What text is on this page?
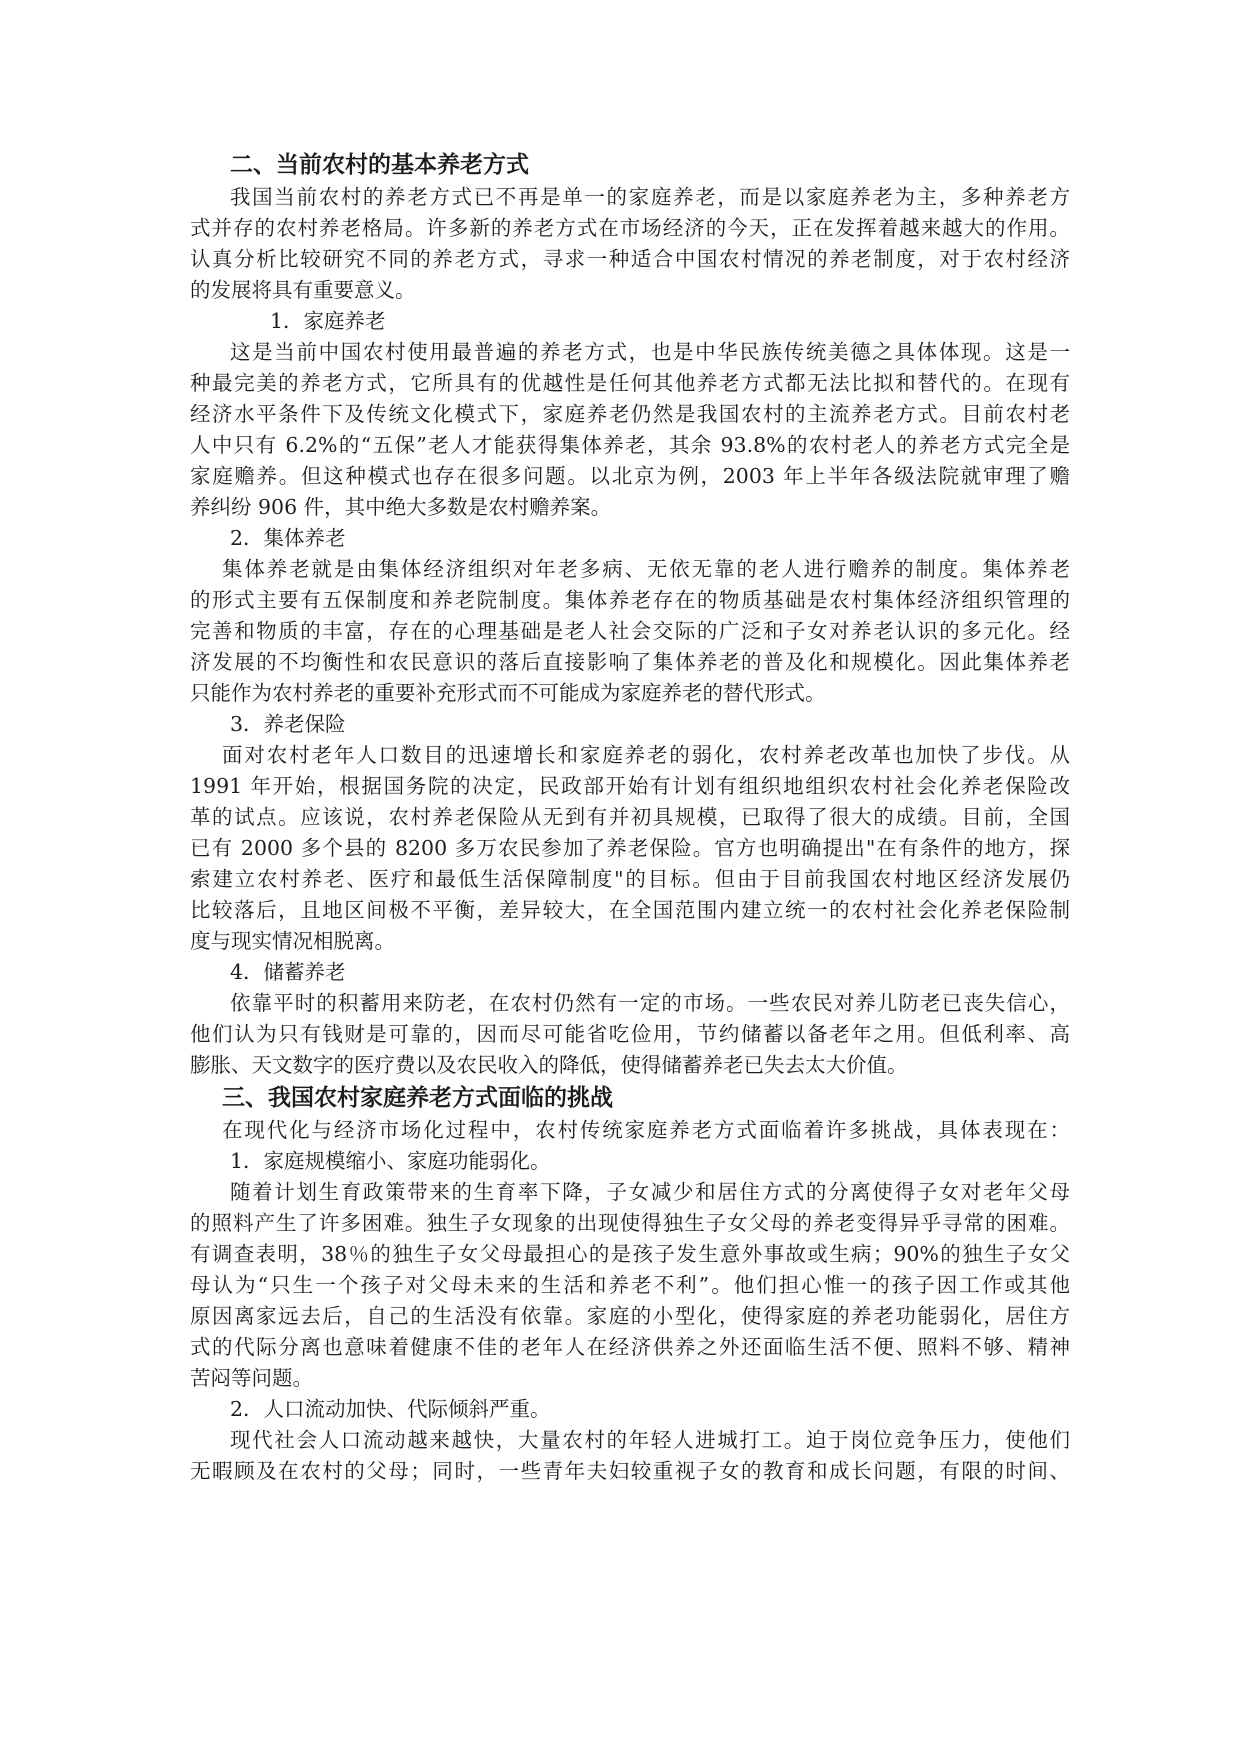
二、当前农村的基本养老方式
我国当前农村的养老方式已不再是单一的家庭养老，而是以家庭养老为主，多种养老方
式并存的农村养老格局。许多新的养老方式在市场经济的今天，正在发挥着越来越大的作用。
认真分析比较研究不同的养老方式，寻求一种适合中国农村情况的养老制度，对于农村经济
的发展将具有重要意义。
1．家庭养老
这是当前中国农村使用最普遍的养老方式，也是中华民族传统美德之具体体现。这是一
种最完美的养老方式，它所具有的优越性是任何其他养老方式都无法比拟和替代的。在现有
经济水平条件下及传统文化模式下，家庭养老仍然是我国农村的主流养老方式。目前农村老
人中只有 6.2%的“五保”老人才能获得集体养老，其余 93.8%的农村老人的养老方式完全是
家庭赡养。但这种模式也存在很多问题。以北京为例，2003 年上半年各级法院就审理了赡
养纠纷 906 件，其中绝大多数是农村赡养案。
2．集体养老
集体养老就是由集体经济组织对年老多病、无依无靠的老人进行赡养的制度。集体养老
的形式主要有五保制度和养老院制度。集体养老存在的物质基础是农村集体经济组织管理的
完善和物质的丰富，存在的心理基础是老人社会交际的广泛和子女对养老认识的多元化。经
济发展的不均衡性和农民意识的落后直接影响了集体养老的普及化和规模化。因此集体养老
只能作为农村养老的重要补充形式而不可能成为家庭养老的替代形式。
3．养老保险
面对农村老年人口数目的迅速增长和家庭养老的弱化，农村养老改革也加快了步伐。从
1991 年开始，根据国务院的决定，民政部开始有计划有组织地组织农村社会化养老保险改
革的试点。应该说，农村养老保险从无到有并初具规模，已取得了很大的成绩。目前，全国
已有 2000 多个县的 8200 多万农民参加了养老保险。官方也明确提出"在有条件的地方，探
索建立农村养老、医疗和最低生活保障制度"的目标。但由于目前我国农村地区经济发展仍
比较落后，且地区间极不平衡，差异较大，在全国范围内建立统一的农村社会化养老保险制
度与现实情况相脱离。
4．储蓄养老
依靠平时的积蓄用来防老，在农村仍然有一定的市场。一些农民对养儿防老已丧失信心，
他们认为只有钱财是可靠的，因而尽可能省吃俭用，节约储蓄以备老年之用。但低利率、高
膨胀、天文数字的医疗费以及农民收入的降低，使得储蓄养老已失去太大价值。
三、我国农村家庭养老方式面临的挑战
在现代化与经济市场化过程中，农村传统家庭养老方式面临着许多挑战，具体表现在：
1．家庭规模缩小、家庭功能弱化。
随着计划生育政策带来的生育率下降，子女减少和居住方式的分离使得子女对老年父母
的照料产生了许多困难。独生子女现象的出现使得独生子女父母的养老变得异乎寻常的困难。
有调查表明，38％的独生子女父母最担心的是孩子发生意外事故或生病；90%的独生子女父
母认为“只生一个孩子对父母未来的生活和养老不利”。他们担心惟一的孩子因工作或其他
原因离家远去后，自己的生活没有依靠。家庭的小型化，使得家庭的养老功能弱化，居住方
式的代际分离也意味着健康不佳的老年人在经济供养之外还面临生活不便、照料不够、精神
苦闷等问题。
2．人口流动加快、代际倾斜严重。
现代社会人口流动越来越快，大量农村的年轻人进城打工。迫于岗位竞争压力，使他们
无暇顾及在农村的父母；同时，一些青年夫妇较重视子女的教育和成长问题，有限的时间、
